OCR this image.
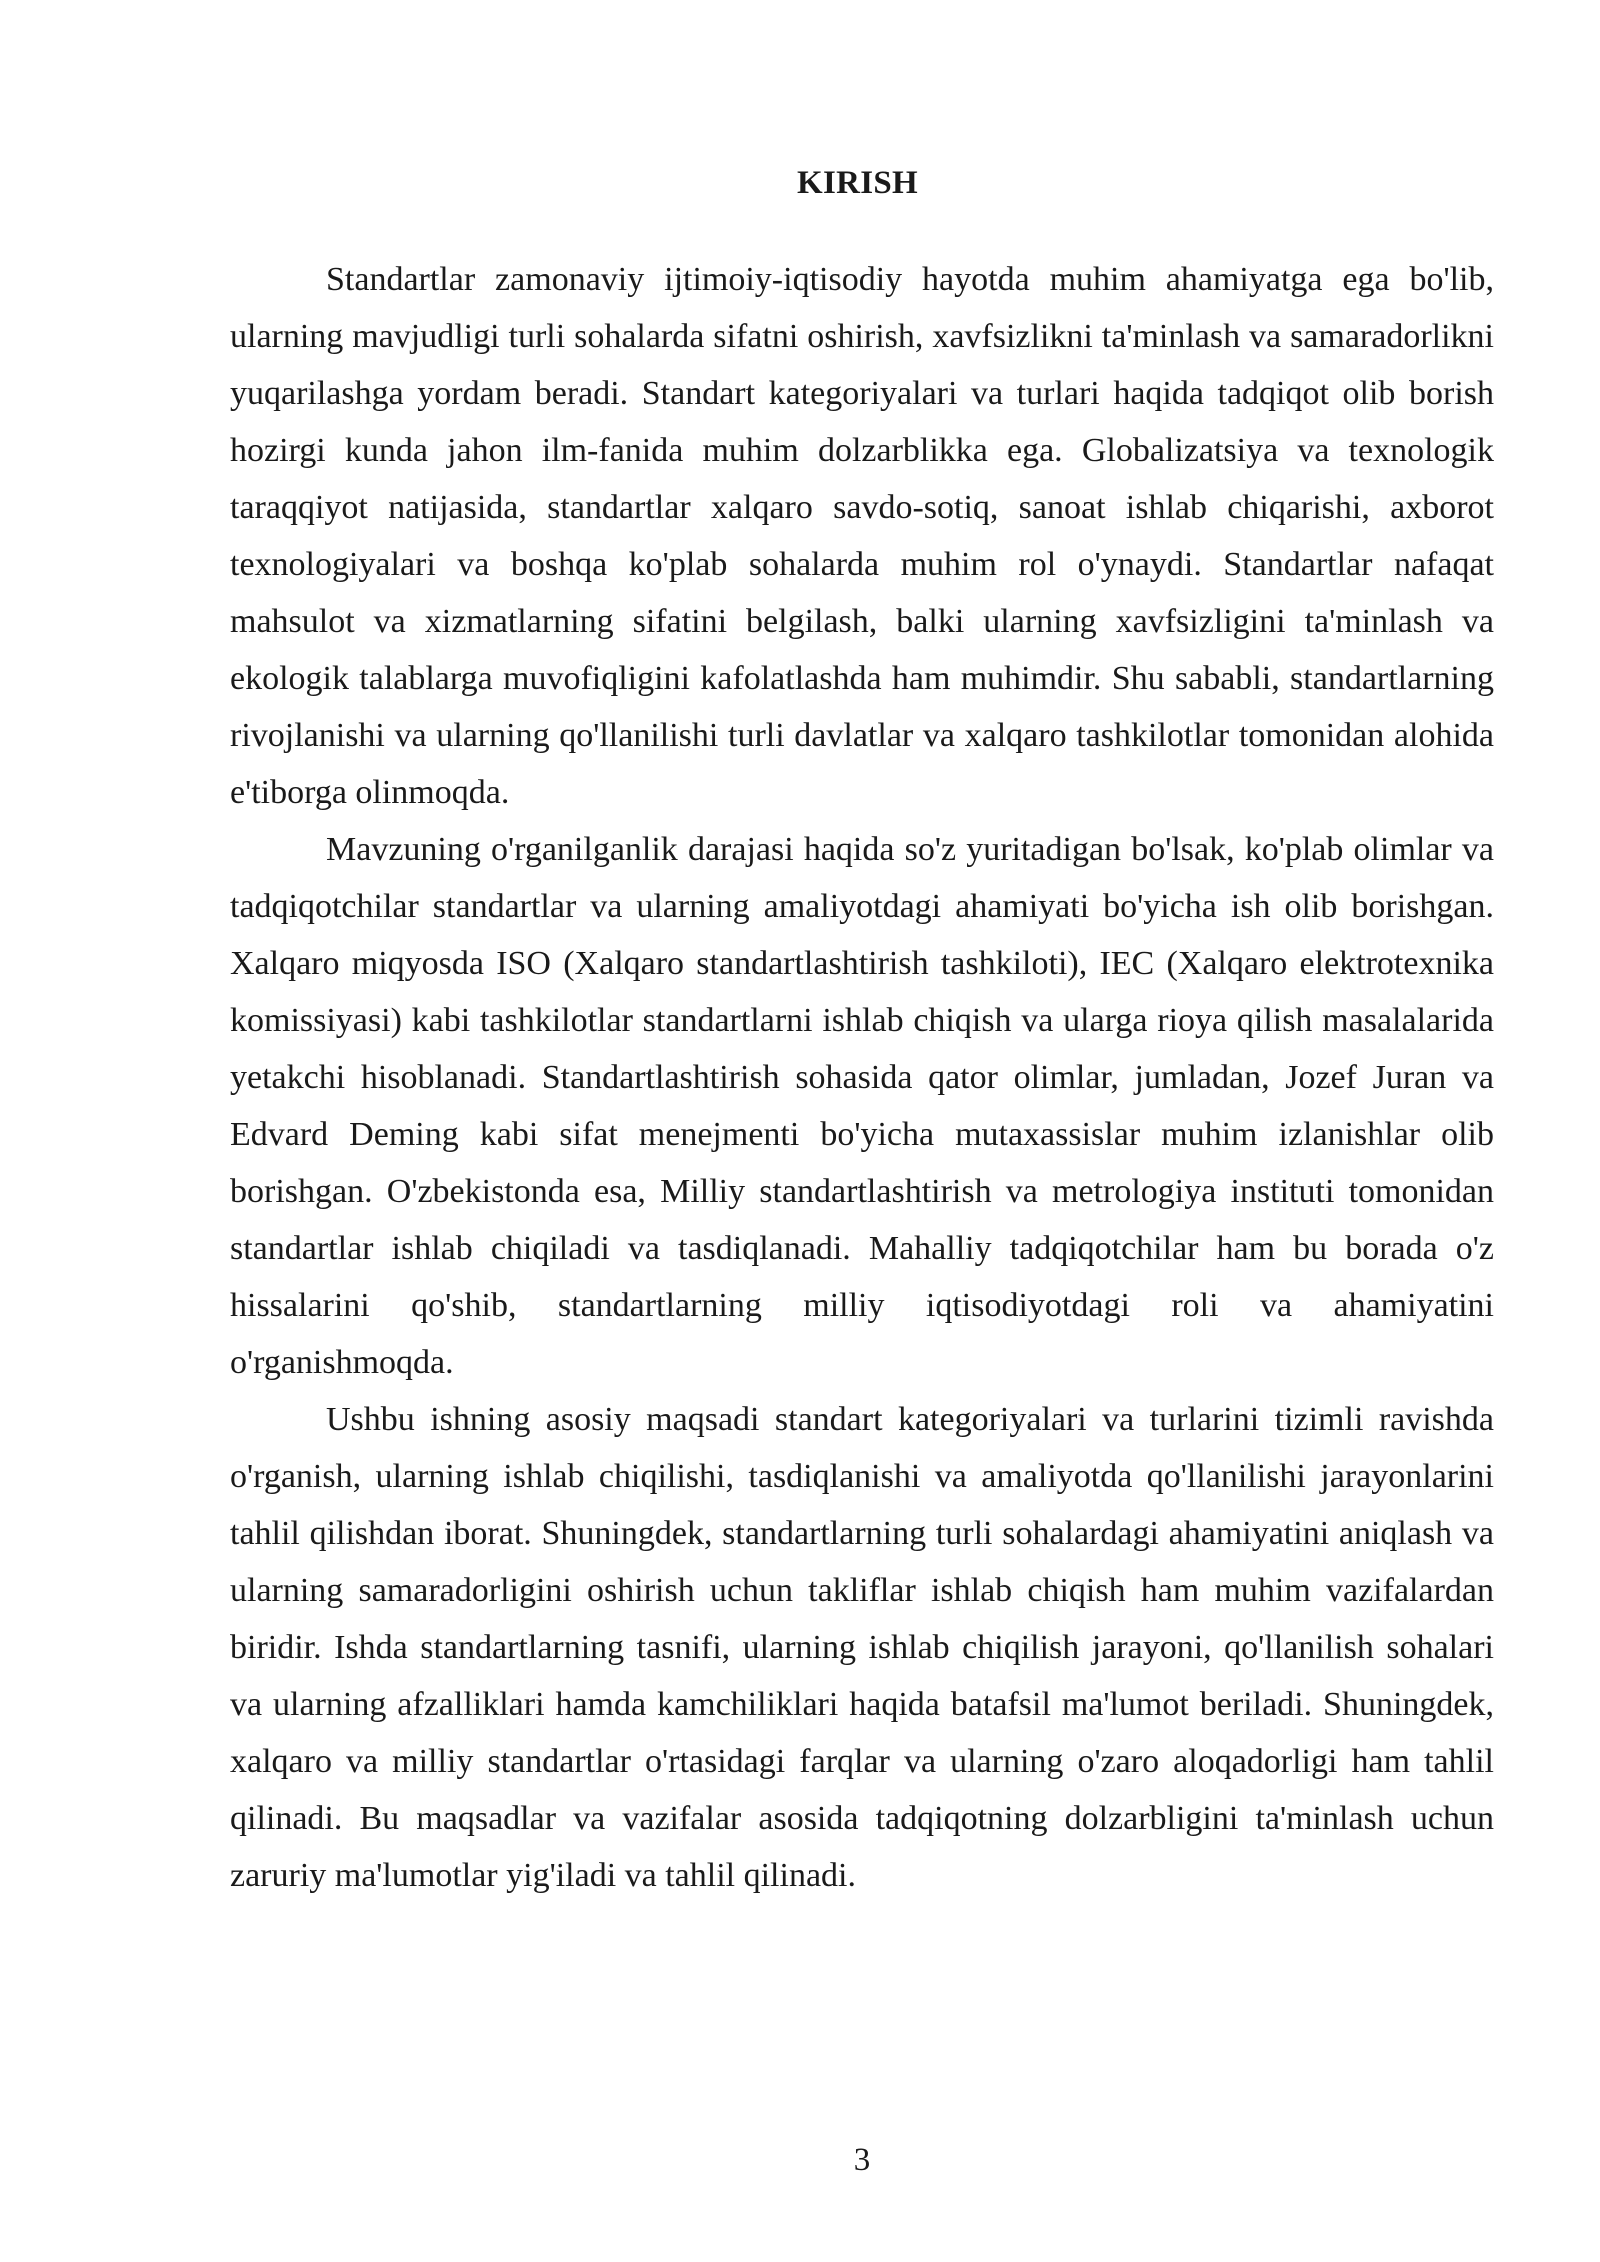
KIRISH

Standartlar zamonaviy ijtimoiy-iqtisodiy hayotda muhim ahamiyatga ega bo'lib, ularning mavjudligi turli sohalarda sifatni oshirish, xavfsizlikni ta'minlash va samaradorlikni yuqarilashga yordam beradi. Standart kategoriyalari va turlari haqida tadqiqot olib borish hozirgi kunda jahon ilm-fanida muhim dolzarblikka ega. Globalizatsiya va texnologik taraqqiyot natijasida, standartlar xalqaro savdo-sotiq, sanoat ishlab chiqarishi, axborot texnologiyalari va boshqa ko'plab sohalarda muhim rol o'ynaydi. Standartlar nafaqat mahsulot va xizmatlarning sifatini belgilash, balki ularning xavfsizligini ta'minlash va ekologik talablarga muvofiqligini kafolatlashda ham muhimdir. Shu sababli, standartlarning rivojlanishi va ularning qo'llanilishi turli davlatlar va xalqaro tashkilotlar tomonidan alohida e'tiborga olinmoqda.

Mavzuning o'rganilganlik darajasi haqida so'z yuritadigan bo'lsak, ko'plab olimlar va tadqiqotchilar standartlar va ularning amaliyotdagi ahamiyati bo'yicha ish olib borishgan. Xalqaro miqyosda ISO (Xalqaro standartlashtirish tashkiloti), IEC (Xalqaro elektrotexnika komissiyasi) kabi tashkilotlar standartlarni ishlab chiqish va ularga rioya qilish masalalarida yetakchi hisoblanadi. Standartlashtirish sohasida qator olimlar, jumladan, Jozef Juran va Edvard Deming kabi sifat menejmenti bo'yicha mutaxassislar muhim izlanishlar olib borishgan. O'zbekistonda esa, Milliy standartlashtirish va metrologiya instituti tomonidan standartlar ishlab chiqiladi va tasdiqlanadi. Mahalliy tadqiqotchilar ham bu borada o'z hissalarini qo'shib, standartlarning milliy iqtisodiyotdagi roli va ahamiyatini o'rganishmoqda.

Ushbu ishning asosiy maqsadi standart kategoriyalari va turlarini tizimli ravishda o'rganish, ularning ishlab chiqilishi, tasdiqlanishi va amaliyotda qo'llanilishi jarayonlarini tahlil qilishdan iborat. Shuningdek, standartlarning turli sohalardagi ahamiyatini aniqlash va ularning samaradorligini oshirish uchun takliflar ishlab chiqish ham muhim vazifalardan biridir. Ishda standartlarning tasnifi, ularning ishlab chiqilish jarayoni, qo'llanilish sohalari va ularning afzalliklari hamda kamchiliklari haqida batafsil ma'lumot beriladi. Shuningdek, xalqaro va milliy standartlar o'rtasidagi farqlar va ularning o'zaro aloqadorligi ham tahlil qilinadi. Bu maqsadlar va vazifalar asosida tadqiqotning dolzarbligini ta'minlash uchun zaruriy ma'lumotlar yig'iladi va tahlil qilinadi.

3
